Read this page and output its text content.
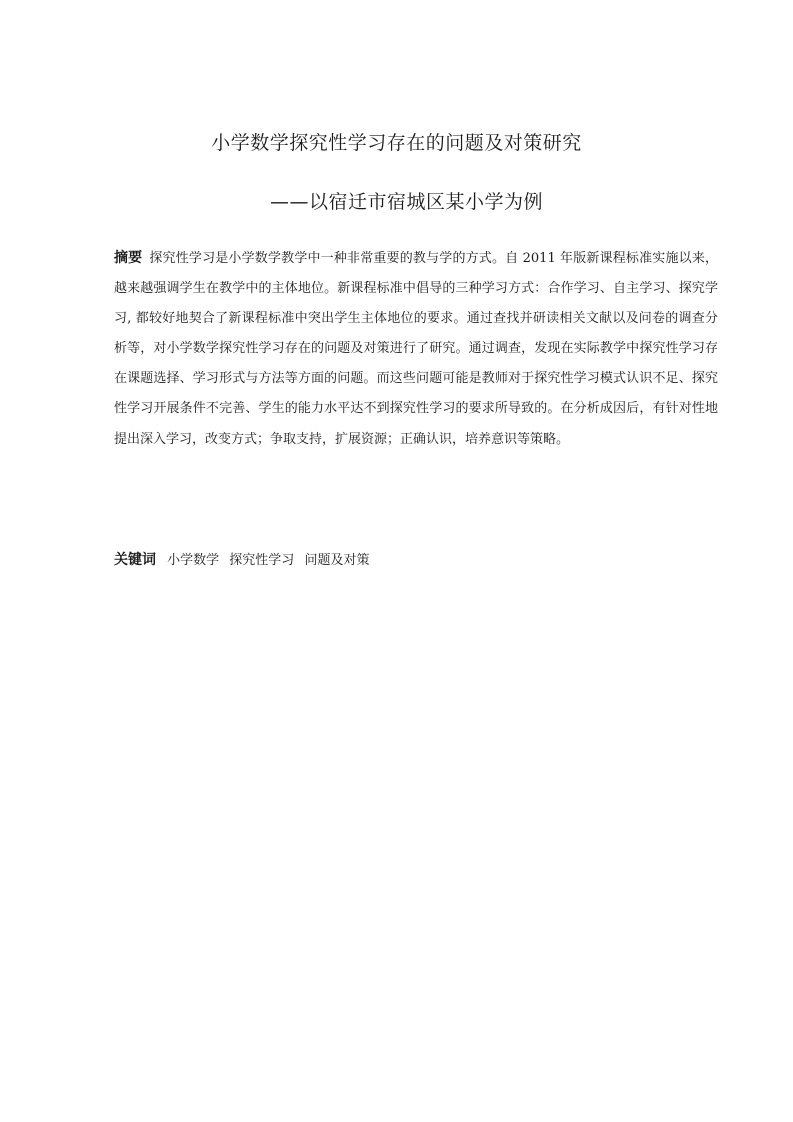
小学数学探究性学习存在的问题及对策研究
——以宿迁市宿城区某小学为例
摘要 探究性学习是小学数学教学中一种非常重要的教与学的方式。自 2011 年版新课程标准实施以来，越来越强调学生在教学中的主体地位。新课程标准中倡导的三种学习方式：合作学习、自主学习、探究学习, 都较好地契合了新课程标准中突出学生主体地位的要求。通过查找并研读相关文献以及问卷的调查分析等，对小学数学探究性学习存在的问题及对策进行了研究。通过调查，发现在实际教学中探究性学习存在课题选择、学习形式与方法等方面的问题。而这些问题可能是教师对于探究性学习模式认识不足、探究性学习开展条件不完善、学生的能力水平达不到探究性学习的要求所导致的。在分析成因后，有针对性地提出深入学习，改变方式；争取支持，扩展资源；正确认识，培养意识等策略。
关键词 小学数学 探究性学习 问题及对策
